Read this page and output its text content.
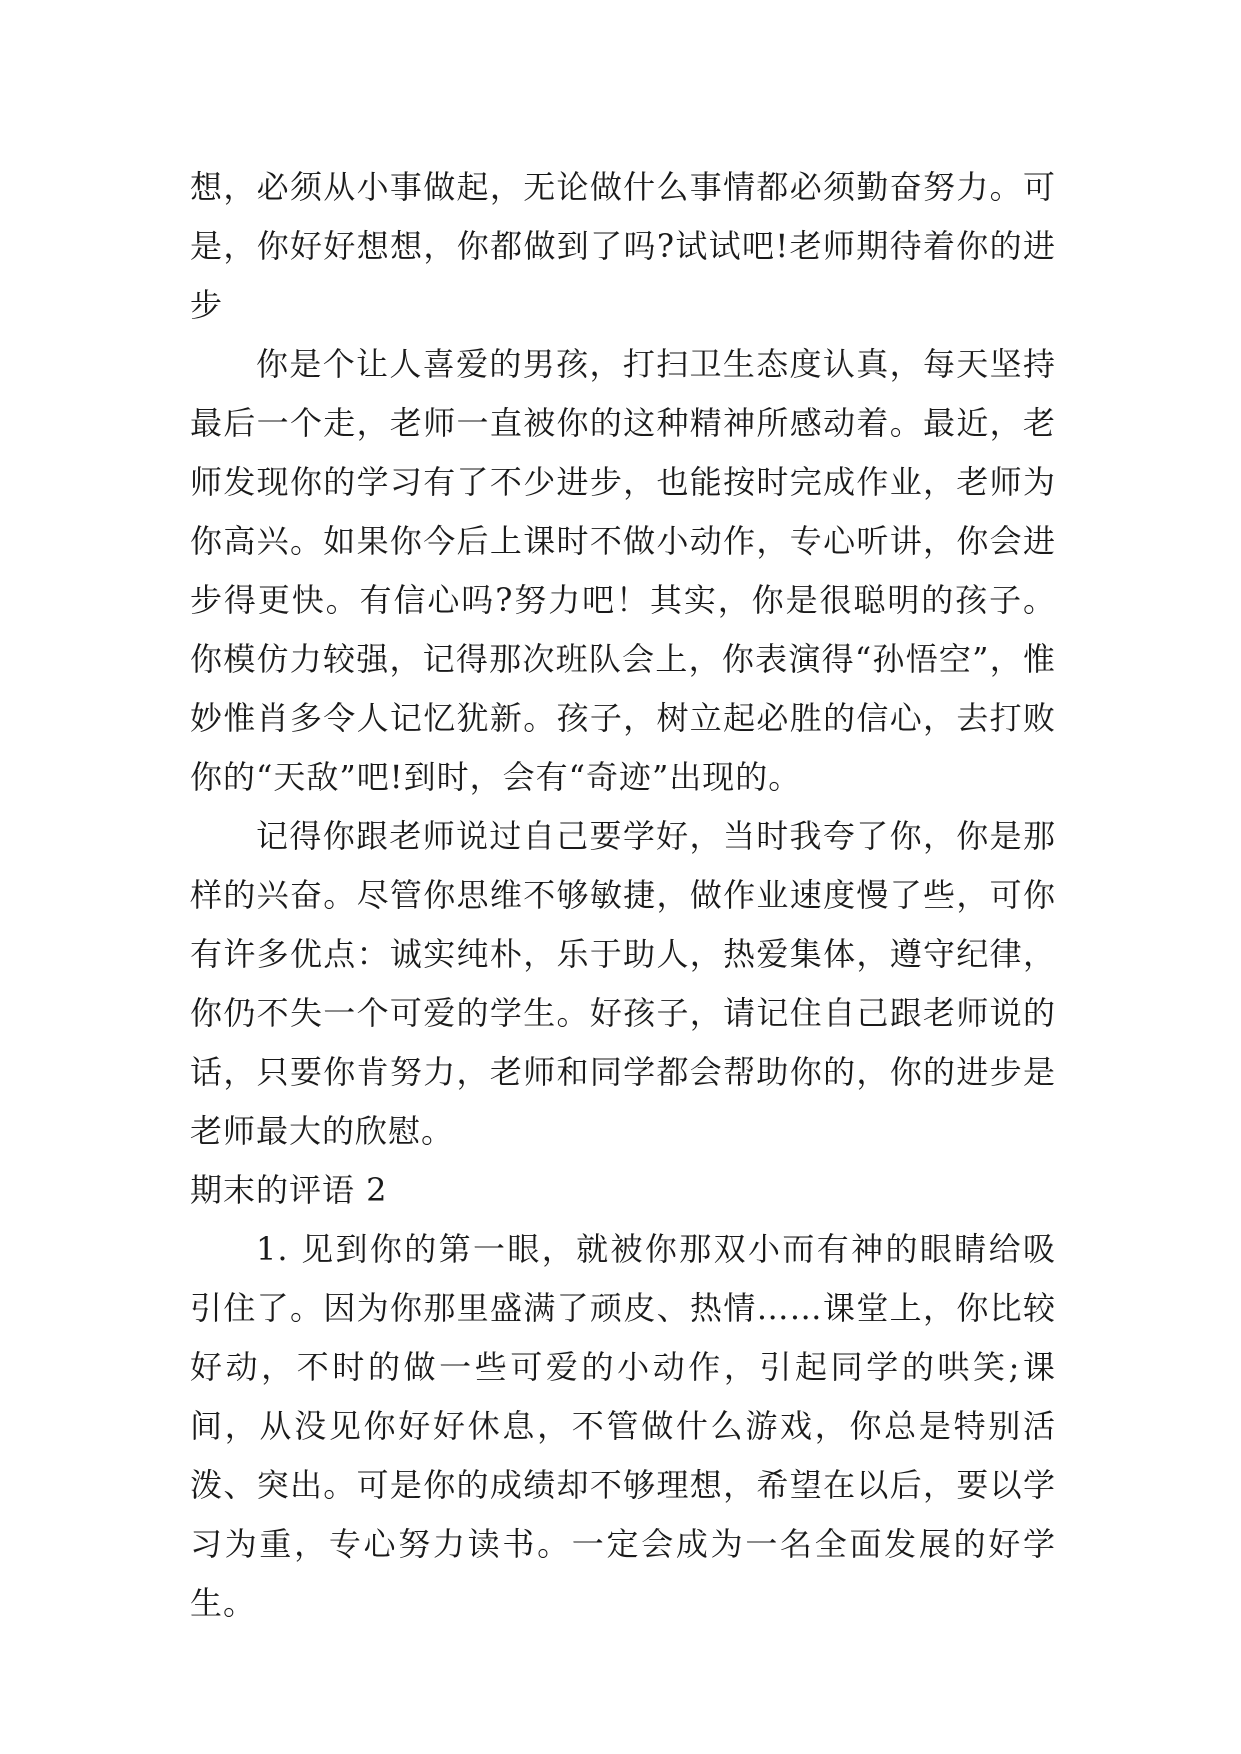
想，必须从小事做起，无论做什么事情都必须勤奋努力。可是，你好好想想，你都做到了吗?试试吧!老师期待着你的进步

你是个让人喜爱的男孩，打扫卫生态度认真，每天坚持最后一个走，老师一直被你的这种精神所感动着。最近，老师发现你的学习有了不少进步，也能按时完成作业，老师为你高兴。如果你今后上课时不做小动作，专心听讲，你会进步得更快。有信心吗?努力吧！其实，你是很聪明的孩子。你模仿力较强，记得那次班队会上，你表演得“孙悟空”，惟妙惟肖多令人记忆犹新。孩子，树立起必胜的信心，去打败你的“天敌”吧!到时，会有“奇迹”出现的。

记得你跟老师说过自己要学好，当时我夸了你，你是那样的兴奋。尽管你思维不够敏捷，做作业速度慢了些，可你有许多优点：诚实纯朴，乐于助人，热爱集体，遵守纪律，你仍不失一个可爱的学生。好孩子，请记住自己跟老师说的话，只要你肯努力，老师和同学都会帮助你的，你的进步是老师最大的欣慰。

期末的评语 2

1. 见到你的第一眼，就被你那双小而有神的眼睛给吸引住了。因为你那里盛满了顽皮、热情……课堂上，你比较好动，不时的做一些可爱的小动作，引起同学的哄笑;课间，从没见你好好休息，不管做什么游戏，你总是特别活泼、突出。可是你的成绩却不够理想，希望在以后，要以学习为重，专心努力读书。一定会成为一名全面发展的好学生。
